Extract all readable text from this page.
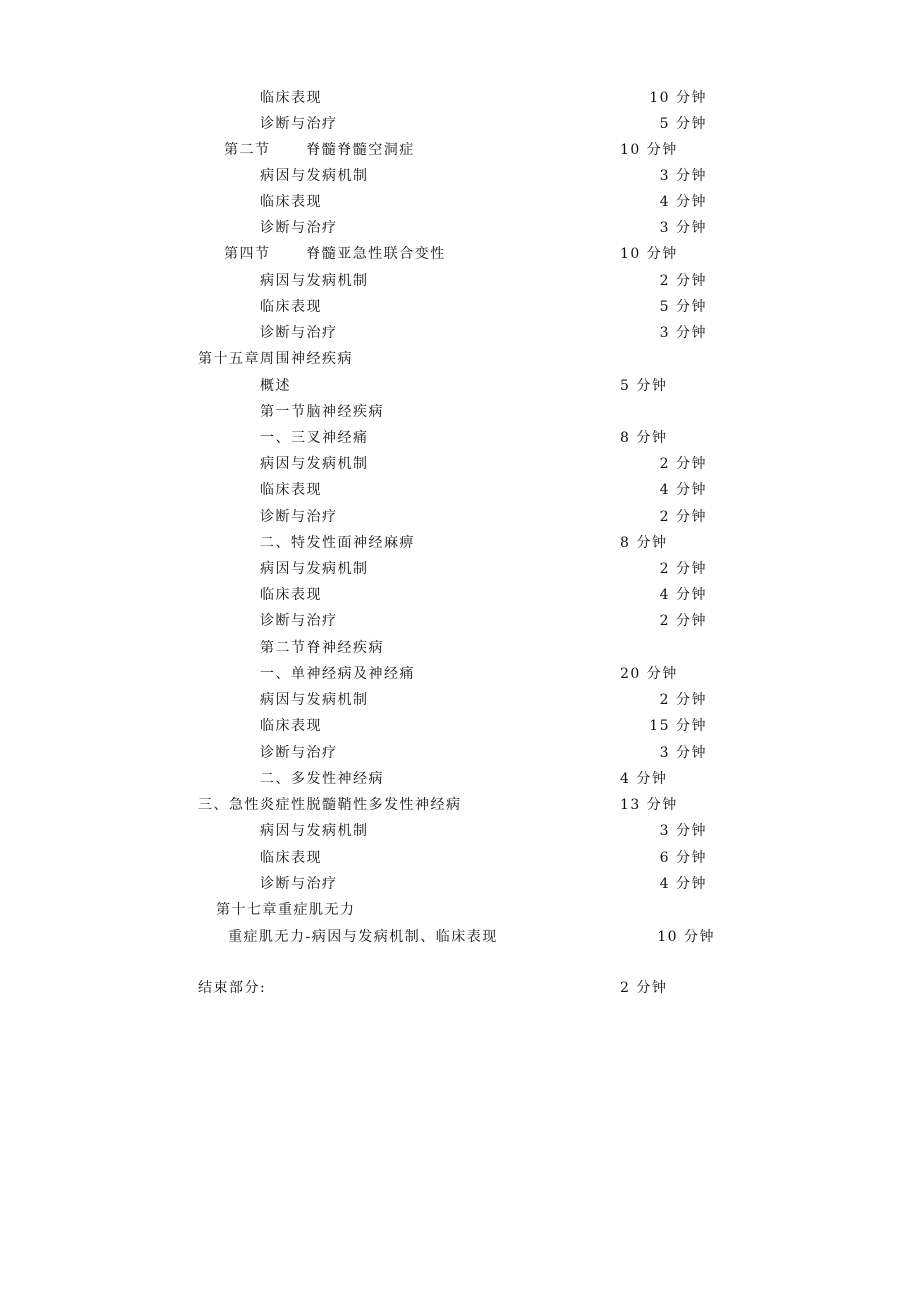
临床表现	10 分钟
诊断与治疗	5 分钟
第二节      脊髓脊髓空洞症	10 分钟
病因与发病机制	3 分钟
临床表现	4 分钟
诊断与治疗	3 分钟
第四节      脊髓亚急性联合变性	10 分钟
病因与发病机制	2 分钟
临床表现	5 分钟
诊断与治疗	3 分钟
第十五章周围神经疾病
概述	5 分钟
第一节脑神经疾病
一、三叉神经痛	8 分钟
病因与发病机制	2 分钟
临床表现	4 分钟
诊断与治疗	2 分钟
二、特发性面神经麻痹	8 分钟
病因与发病机制	2 分钟
临床表现	4 分钟
诊断与治疗	2 分钟
第二节脊神经疾病
一、单神经病及神经痛	20 分钟
病因与发病机制	2 分钟
临床表现	15 分钟
诊断与治疗	3 分钟
二、多发性神经病	4 分钟
三、急性炎症性脱髓鞘性多发性神经病	13 分钟
病因与发病机制	3 分钟
临床表现	6 分钟
诊断与治疗	4 分钟
第十七章重症肌无力
重症肌无力-病因与发病机制、临床表现	10 分钟
结束部分:	2 分钟
